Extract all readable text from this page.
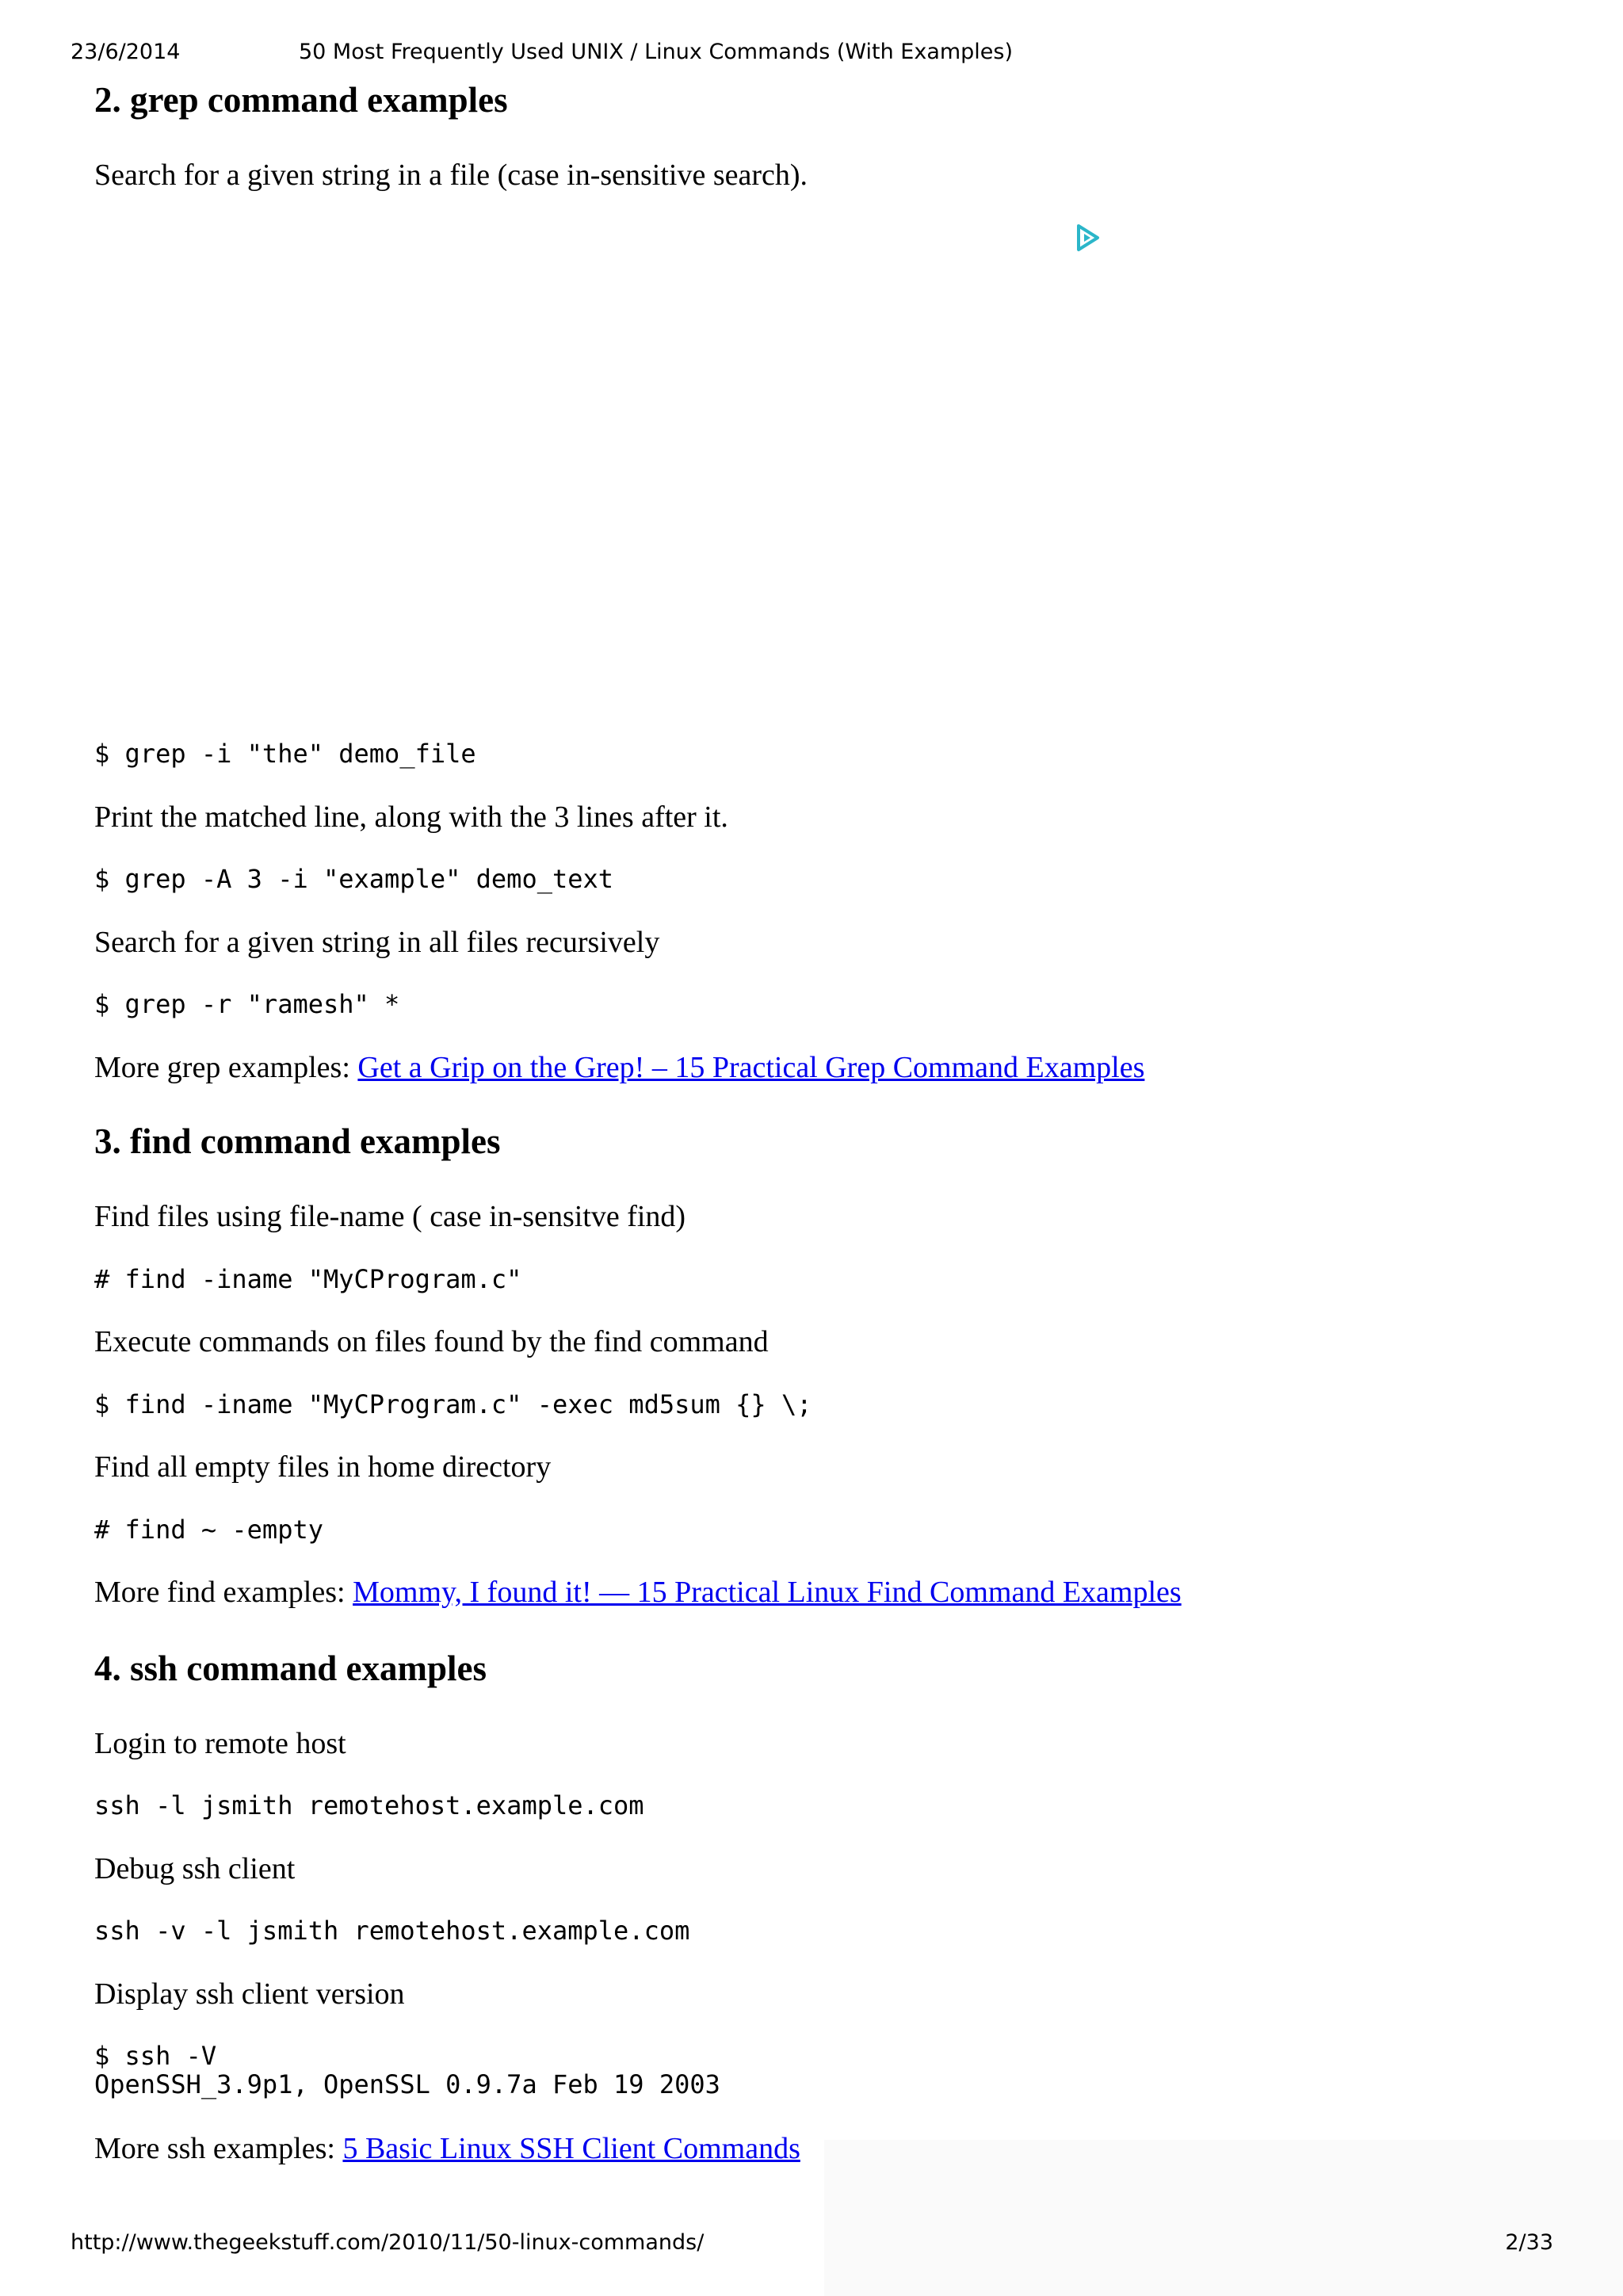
23/6/2014	50 Most Frequently Used UNIX / Linux Commands (With Examples)
2. grep command examples

Search for a given string in a file (case in-sensitive search).

$ grep -i "the" demo_file

Print the matched line, along with the 3 lines after it.

$ grep -A 3 -i "example" demo_text

Search for a given string in all files recursively

$ grep -r "ramesh" *

More grep examples: Get a Grip on the Grep! – 15 Practical Grep Command Examples

3. find command examples

Find files using file-name ( case in-sensitve find)

# find -iname "MyCProgram.c"

Execute commands on files found by the find command

$ find -iname "MyCProgram.c" -exec md5sum {} \;

Find all empty files in home directory

# find ~ -empty

More find examples: Mommy, I found it! — 15 Practical Linux Find Command Examples

4. ssh command examples

Login to remote host

ssh -l jsmith remotehost.example.com

Debug ssh client

ssh -v -l jsmith remotehost.example.com

Display ssh client version

$ ssh -V
OpenSSH_3.9p1, OpenSSL 0.9.7a Feb 19 2003

More ssh examples: 5 Basic Linux SSH Client Commands

http://www.thegeekstuff.com/2010/11/50-linux-commands/	2/33
